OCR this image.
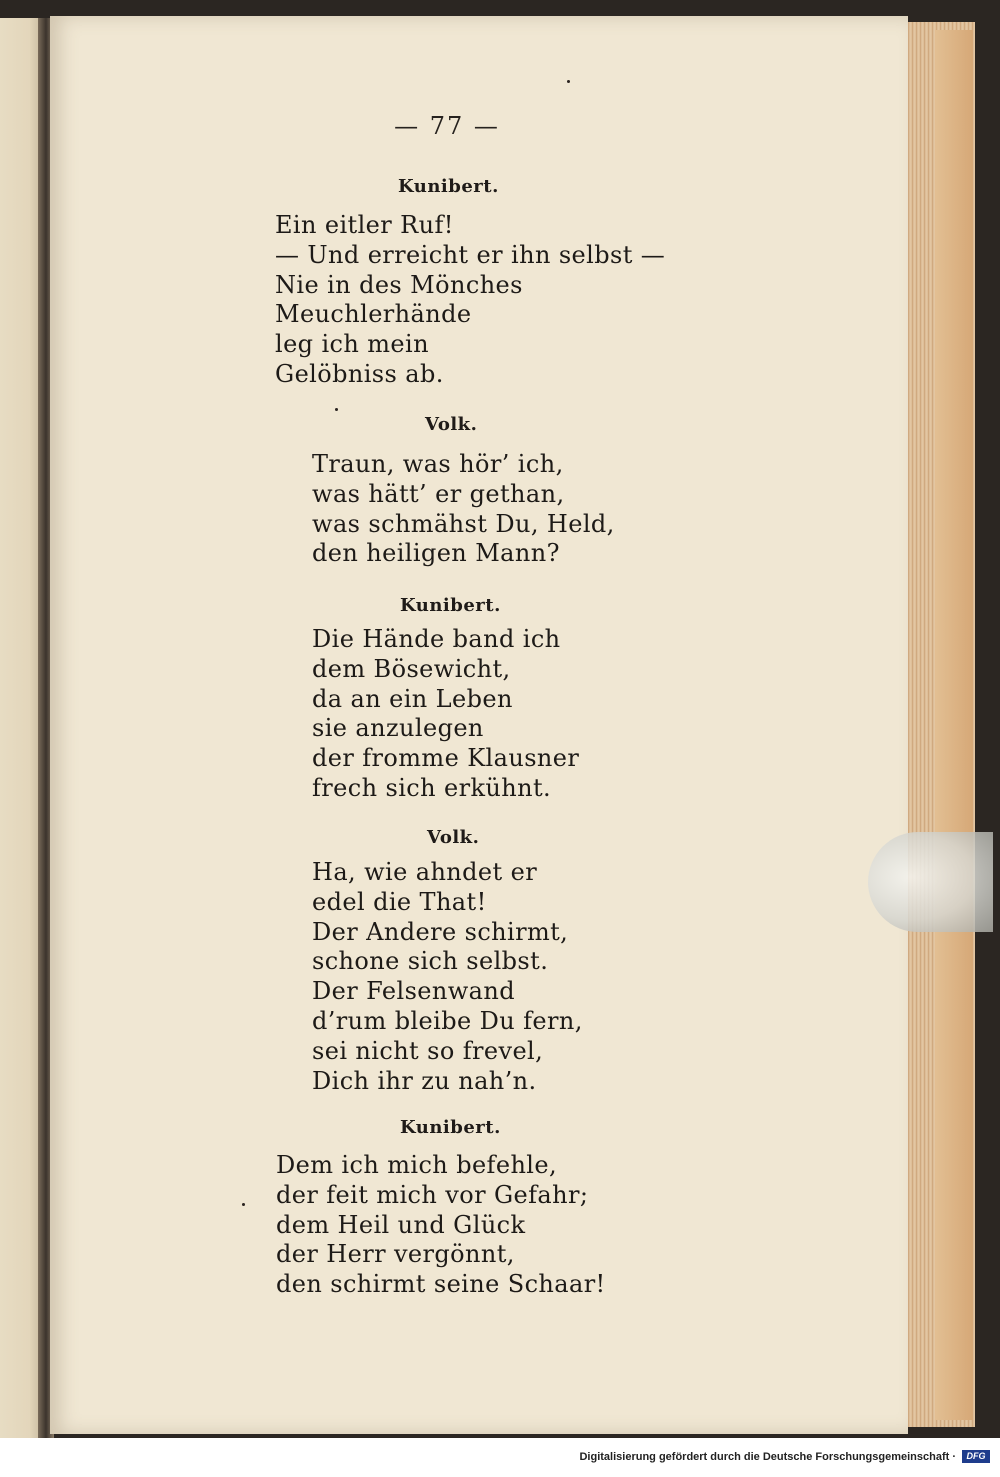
— 77 —
Kunibert.
Ein eitler Ruf!
— Und erreicht er ihn selbst —
Nie in des Mönches
Meuchlerhände
leg ich mein
Gelöbniss ab.
Volk.
Traun, was hör’ ich,
was hätt’ er gethan,
was schmähst Du, Held,
den heiligen Mann?
Kunibert.
Die Hände band ich
dem Bösewicht,
da an ein Leben
sie anzulegen
der fromme Klausner
frech sich erkühnt.
Volk.
Ha, wie ahndet er
edel die That!
Der Andere schirmt,
schone sich selbst.
Der Felsenwand
d’rum bleibe Du fern,
sei nicht so frevel,
Dich ihr zu nah’n.
Kunibert.
Dem ich mich befehle,
der feit mich vor Gefahr;
dem Heil und Glück
der Herr vergönnt,
den schirmt seine Schaar!
Digitalisierung gefördert durch die Deutsche Forschungsgemeinschaft ·	DFG
